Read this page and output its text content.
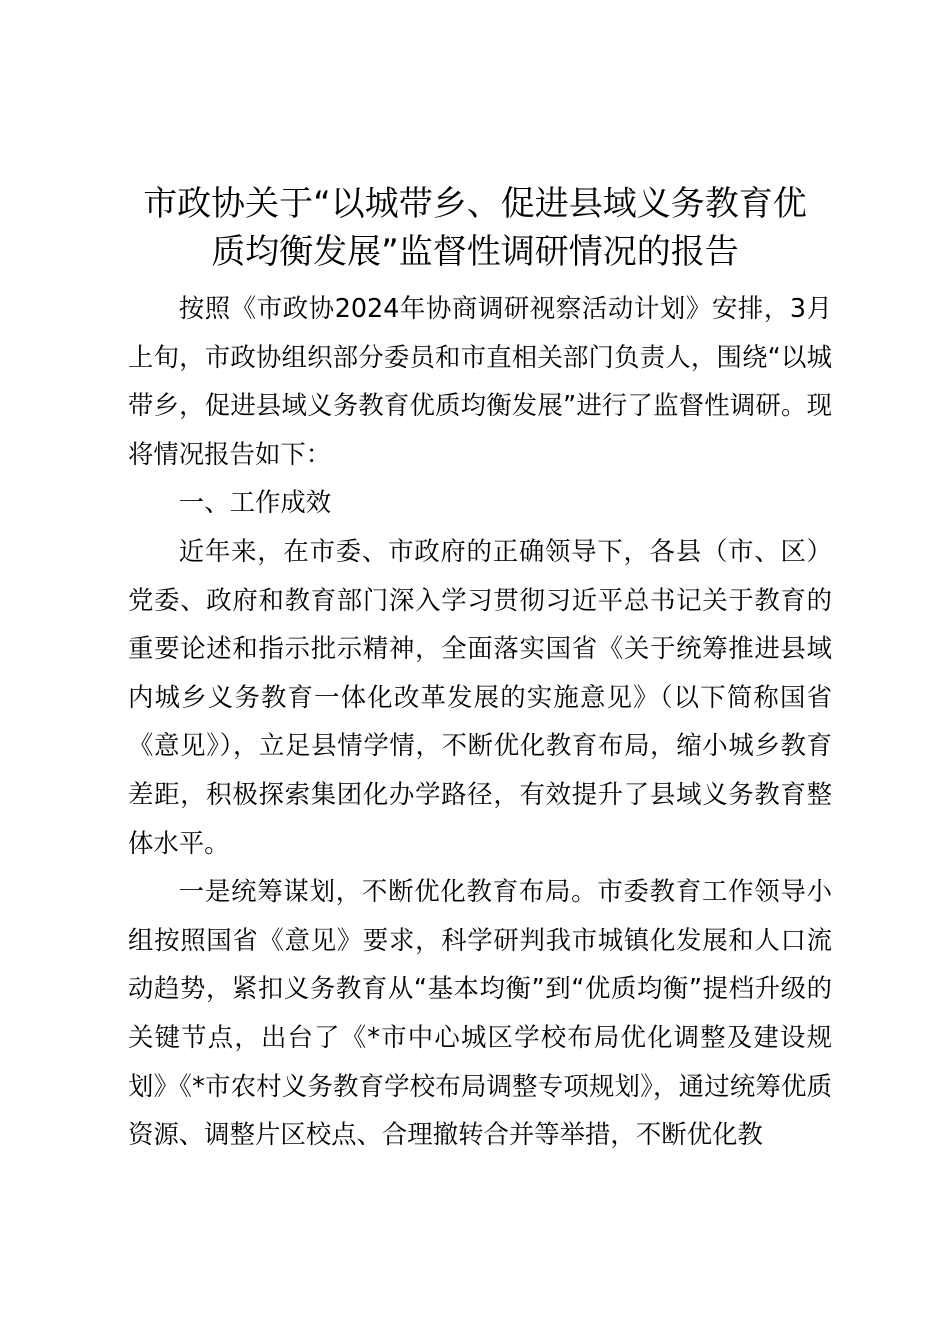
市政协关于“以城带乡、促进县域义务教育优
质均衡发展”监督性调研情况的报告

按照《市政协2024年协商调研视察活动计划》安排，3月上旬，市政协组织部分委员和市直相关部门负责人，围绕“以城带乡，促进县域义务教育优质均衡发展”进行了监督性调研。现将情况报告如下：

一、工作成效

近年来，在市委、市政府的正确领导下，各县（市、区）党委、政府和教育部门深入学习贯彻习近平总书记关于教育的重要论述和指示批示精神，全面落实国省《关于统筹推进县域内城乡义务教育一体化改革发展的实施意见》（以下简称国省《意见》），立足县情学情，不断优化教育布局，缩小城乡教育差距，积极探索集团化办学路径，有效提升了县域义务教育整体水平。

一是统筹谋划，不断优化教育布局。市委教育工作领导小组按照国省《意见》要求，科学研判我市城镇化发展和人口流动趋势，紧扣义务教育从“基本均衡”到“优质均衡”提档升级的关键节点，出台了《*市中心城区学校布局优化调整及建设规划》《*市农村义务教育学校布局调整专项规划》，通过统筹优质资源、调整片区校点、合理撤转合并等举措，不断优化教
